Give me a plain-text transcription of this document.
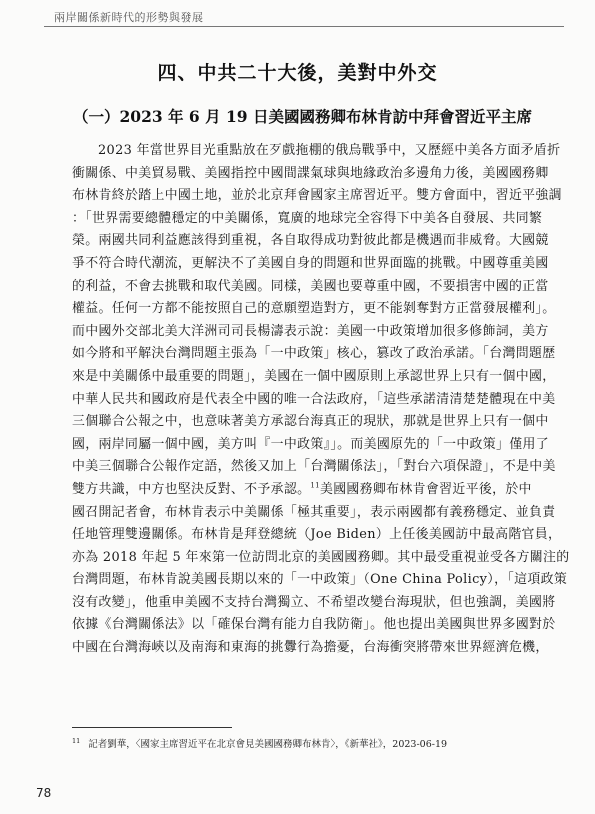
兩岸關係新時代的形勢與發展
四、中共二十大後，美對中外交
（一）2023 年 6 月 19 日美國國務卿布林肯訪中拜會習近平主席
2023 年當世界目光重點放在歹戲拖棚的俄烏戰爭中，又歷經中美各方面矛盾折
衝關係、中美貿易戰、美國指控中國間諜氣球與地緣政治多邊角力後，美國國務卿
布林肯終於踏上中國土地，並於北京拜會國家主席習近平。雙方會面中，習近平強調
：「世界需要總體穩定的中美關係，寬廣的地球完全容得下中美各自發展、共同繁
榮。兩國共同利益應該得到重視，各自取得成功對彼此都是機遇而非威脅。大國競
爭不符合時代潮流，更解決不了美國自身的問題和世界面臨的挑戰。中國尊重美國
的利益，不會去挑戰和取代美國。同樣，美國也要尊重中國，不要損害中國的正當
權益。任何一方都不能按照自己的意願塑造對方，更不能剝奪對方正當發展權利」。
而中國外交部北美大洋洲司司長楊濤表示說：美國一中政策增加很多修飾詞，美方
如今將和平解決台灣問題主張為「一中政策」核心，篡改了政治承諾。「台灣問題歷
來是中美關係中最重要的問題」，美國在一個中國原則上承認世界上只有一個中國，
中華人民共和國政府是代表全中國的唯一合法政府，「這些承諾清清楚楚體現在中美
三個聯合公報之中，也意味著美方承認台海真正的現狀，那就是世界上只有一個中
國，兩岸同屬一個中國，美方叫『一中政策』」。而美國原先的「一中政策」僅用了
中美三個聯合公報作定語，然後又加上「台灣關係法」，「對台六項保證」，不是中美
雙方共識，中方也堅決反對、不予承認。$^{11}$美國國務卿布林肯會習近平後，於中
國召開記者會，布林肯表示中美關係「極其重要」，表示兩國都有義務穩定、並負責
任地管理雙邊關係。布林肯是拜登總統（Joe Biden）上任後美國訪中最高階官員，
亦為 2018 年起 5 年來第一位訪問北京的美國國務卿。其中最受重視並受各方關注的
台灣問題，布林肯說美國長期以來的「一中政策」（One China Policy），「這項政策
沒有改變」，他重申美國不支持台灣獨立、不希望改變台海現狀，但也強調，美國將
依據《台灣關係法》以「確保台灣有能力自我防衛」。他也提出美國與世界多國對於
中國在台灣海峽以及南海和東海的挑釁行為擔憂，台海衝突將帶來世界經濟危機，
$^{11}$ 記者劉華，〈國家主席習近平在北京會見美國國務卿布林肯〉，《新華社》，2023-06-19
78
